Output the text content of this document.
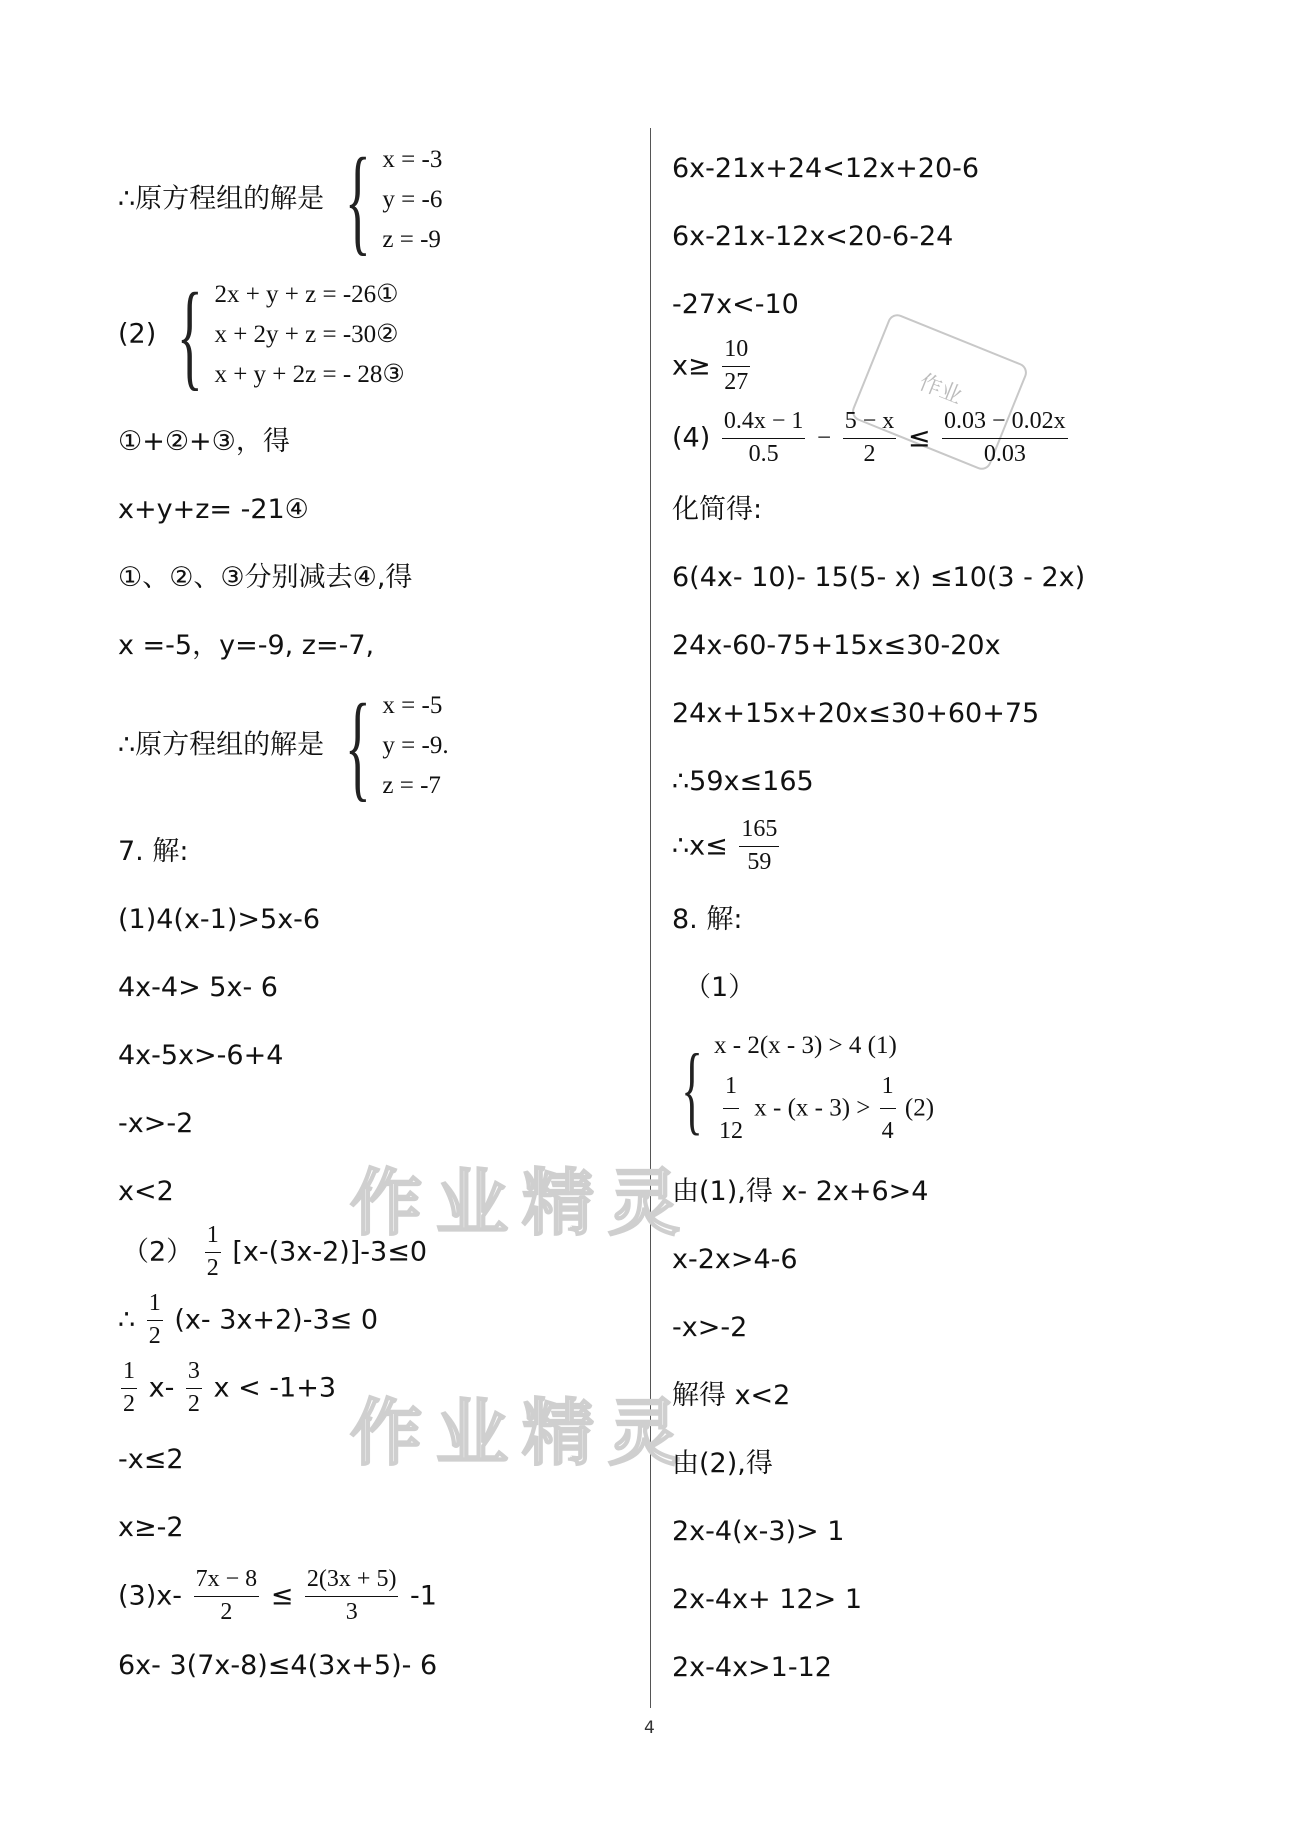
作业精灵
作业精灵
作业
∴原方程组的解是 { x = -3
y = -6
z = -9
(2) { 2x + y + z = -26①
x + 2y + z = -30②
x + y + 2z = - 28③
①+②+③，得
x+y+z= -21④
①、②、③分别减去④,得
x =-5，y=-9, z=-7,
∴原方程组的解是 { x = -5
y = -9.
z = -7
7. 解:
(1)4(x-1)>5x-6
4x-4> 5x- 6
4x-5x>-6+4
-x>-2
x<2
$(2) \frac{1}{2} [x-(3x-2)]-3\le 0$
∴ $\frac{1}{2} (x-$ 3x+2)-3≤ 0
$\frac{1}{2} x- \frac{3}{2}$ x < -1+3
-x≤2
x≥-2
$(3)x- \frac{7x - 8}{2} \le \frac{2(3x + 5)}{3} -1$
6x- 3(7x-8)≤4(3x+5)- 6
6x-21x+24<12x+20-6
6x-21x-12x<20-6-24
-27x<-10
$x\ge \frac{10}{27}$
$(4) \frac{0.4x - 1}{0.5} - \frac{5 - x}{2} \le \frac{0.03 - 0.02x}{0.03}$
化简得:
6(4x- 10)- 15(5- x) ≤10(3 - 2x)
24x-60-75+15x≤30-20x
24x+15x+20x≤30+60+75
∴59x≤165
∴x≤ $\frac{165}{59}$
8. 解:
（1）
{ x - 2(x - 3) > 4 (1)
$\frac{1}{12}$ $x - (x - 3) > \frac{1}{4} (2)$
由(1),得 x- 2x+6>4
x-2x>4-6
-x>-2
解得 x<2
由(2),得
2x-4(x-3)> 1
2x-4x+ 12> 1
2x-4x>1-12
4
